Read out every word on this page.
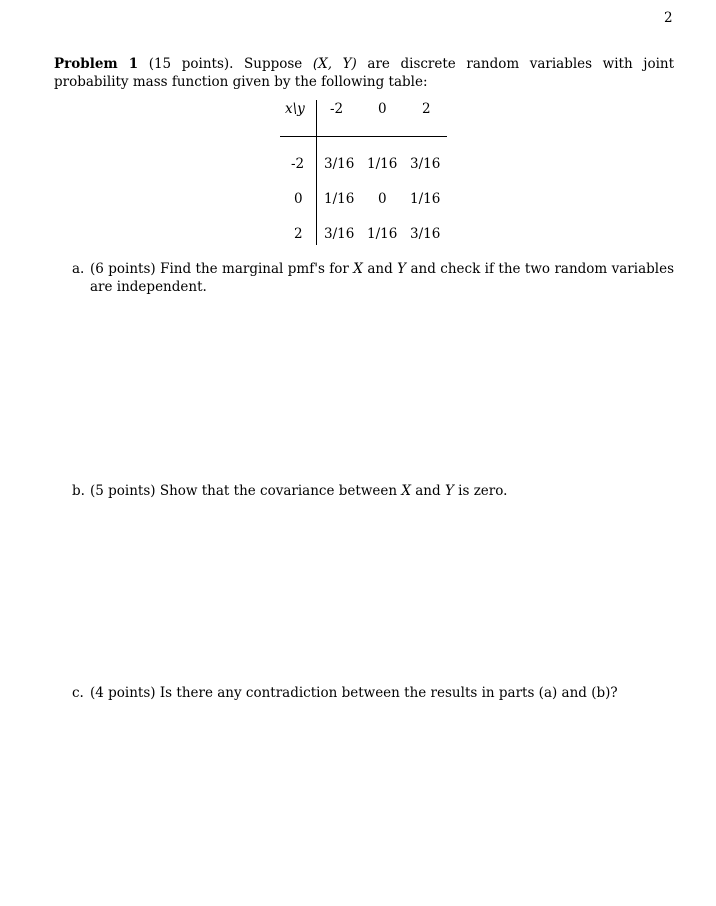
2
Problem 1 (15 points). Suppose (X, Y) are discrete random variables with joint probability mass function given by the following table:
x\y -2	0	2
-2 3/16 1/16 3/16
0 1/16 0 1/16
2 3/16 1/16 3/16
a. (6 points) Find the marginal pmf's for X and Y and check if the two random variables are independent.
b. (5 points) Show that the covariance between X and Y is zero.
c. (4 points) Is there any contradiction between the results in parts (a) and (b)?
